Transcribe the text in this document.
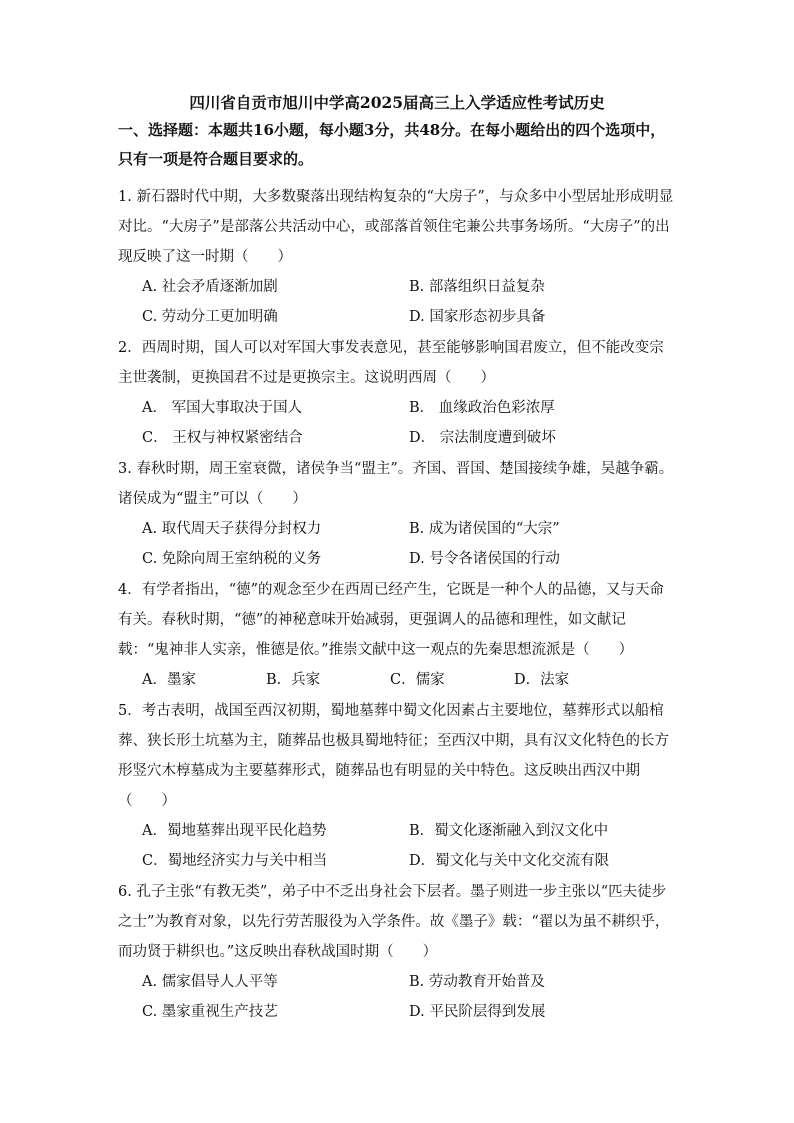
四川省自贡市旭川中学高2025届高三上入学适应性考试历史
一、选择题：本题共16小题，每小题3分，共48分。在每小题给出的四个选项中，只有一项是符合题目要求的。

1. 新石器时代中期，大多数聚落出现结构复杂的“大房子”，与众多中小型居址形成明显对比。“大房子”是部落公共活动中心，或部落首领住宅兼公共事务场所。“大房子”的出现反映了这一时期（　　）

A. 社会矛盾逐渐加剧	B. 部落组织日益复杂
C. 劳动分工更加明确	D. 国家形态初步具备

2．西周时期，国人可以对军国大事发表意见，甚至能够影响国君废立，但不能改变宗主世袭制，更换国君不过是更换宗主。这说明西周（　　）

A． 军国大事取决于国人	B． 血缘政治色彩浓厚
C． 王权与神权紧密结合	D． 宗法制度遭到破坏

3. 春秋时期，周王室衰微，诸侯争当“盟主”。齐国、晋国、楚国接续争雄，吴越争霸。诸侯成为“盟主”可以（　　）

A. 取代周天子获得分封权力	B. 成为诸侯国的“大宗”
C. 免除向周王室纳税的义务	D. 号令各诸侯国的行动

4．有学者指出，“德”的观念至少在西周已经产生，它既是一种个人的品德，又与天命有关。春秋时期，“德”的神秘意味开始减弱，更强调人的品德和理性，如文献记载：“鬼神非人实亲，惟德是依。”推崇文献中这一观点的先秦思想流派是（　　）

A．墨家	B．兵家	C．儒家	D．法家

5．考古表明，战国至西汉初期，蜀地墓葬中蜀文化因素占主要地位，墓葬形式以船棺葬、狭长形土坑墓为主，随葬品也极具蜀地特征；至西汉中期，具有汉文化特色的长方形竖穴木椁墓成为主要墓葬形式，随葬品也有明显的关中特色。这反映出西汉中期（　　）

A．蜀地墓葬出现平民化趋势	B．蜀文化逐渐融入到汉文化中
C．蜀地经济实力与关中相当	D．蜀文化与关中文化交流有限

6. 孔子主张“有教无类”，弟子中不乏出身社会下层者。墨子则进一步主张以“匹夫徒步之士”为教育对象，以先行劳苦服役为入学条件。故《墨子》载：“翟以为虽不耕织乎，而功贤于耕织也。”这反映出春秋战国时期（　　）

A. 儒家倡导人人平等	B. 劳动教育开始普及
C. 墨家重视生产技艺	D. 平民阶层得到发展
